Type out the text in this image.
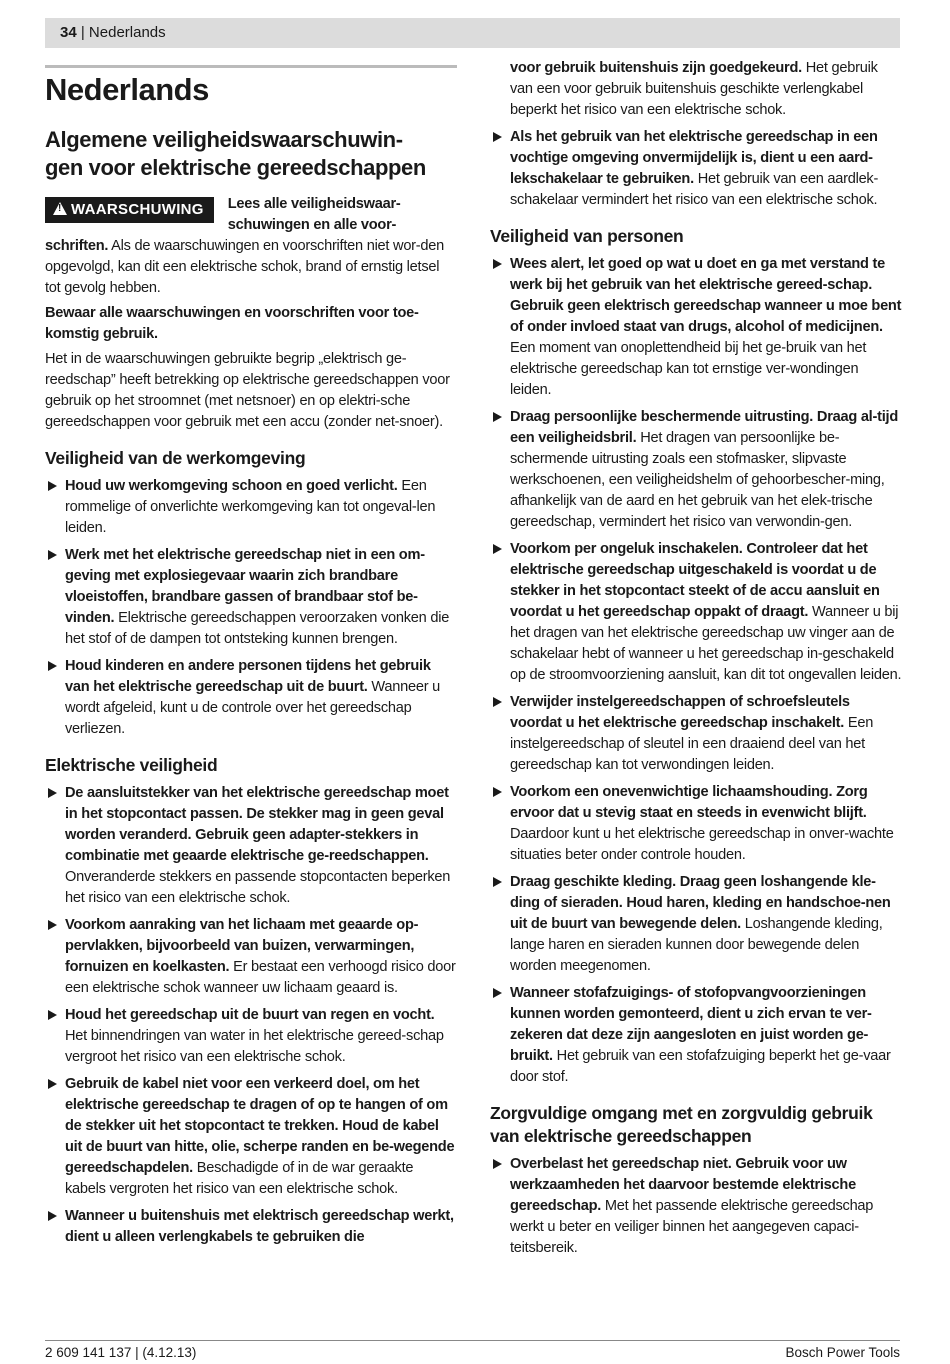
34 | Nederlands
Nederlands
Algemene veiligheidswaarschuwin-
gen voor elektrische gereedschappen

!WAARSCHUWING	Lees alle veiligheidswaar-schuwingen en alle voor-schriften. Als de waarschuwingen en voorschriften niet wor-den opgevolgd, kan dit een elektrische schok, brand of ernstig letsel tot gevolg hebben.

Bewaar alle waarschuwingen en voorschriften voor toe-komstig gebruik.

Het in de waarschuwingen gebruikte begrip „elektrisch ge-reedschap” heeft betrekking op elektrische gereedschappen voor gebruik op het stroomnet (met netsnoer) en op elektri-sche gereedschappen voor gebruik met een accu (zonder net-snoer).

Veiligheid van de werkomgeving
Houd uw werkomgeving schoon en goed verlicht. Een rommelige of onverlichte werkomgeving kan tot ongeval-len leiden.
Werk met het elektrische gereedschap niet in een om-geving met explosiegevaar waarin zich brandbare vloeistoffen, brandbare gassen of brandbaar stof be-vinden. Elektrische gereedschappen veroorzaken vonken die het stof of de dampen tot ontsteking kunnen brengen.
Houd kinderen en andere personen tijdens het gebruik van het elektrische gereedschap uit de buurt. Wanneer u wordt afgeleid, kunt u de controle over het gereedschap verliezen.
Elektrische veiligheid
De aansluitstekker van het elektrische gereedschap moet in het stopcontact passen. De stekker mag in geen geval worden veranderd. Gebruik geen adapter-stekkers in combinatie met geaarde elektrische ge-reedschappen. Onveranderde stekkers en passende stopcontacten beperken het risico van een elektrische schok.
Voorkom aanraking van het lichaam met geaarde op-pervlakken, bijvoorbeeld van buizen, verwarmingen, fornuizen en koelkasten. Er bestaat een verhoogd risico door een elektrische schok wanneer uw lichaam geaard is.
Houd het gereedschap uit de buurt van regen en vocht. Het binnendringen van water in het elektrische gereed-schap vergroot het risico van een elektrische schok.
Gebruik de kabel niet voor een verkeerd doel, om het elektrische gereedschap te dragen of op te hangen of om de stekker uit het stopcontact te trekken. Houd de kabel uit de buurt van hitte, olie, scherpe randen en be-wegende gereedschapdelen. Beschadigde of in de war geraakte kabels vergroten het risico van een elektrische schok.
Wanneer u buitenshuis met elektrisch gereedschap werkt, dient u alleen verlengkabels te gebruiken die
voor gebruik buitenshuis zijn goedgekeurd. Het gebruik van een voor gebruik buitenshuis geschikte verlengkabel beperkt het risico van een elektrische schok.
Als het gebruik van het elektrische gereedschap in een vochtige omgeving onvermijdelijk is, dient u een aard-lekschakelaar te gebruiken. Het gebruik van een aardlek-schakelaar vermindert het risico van een elektrische schok.
Veiligheid van personen
Wees alert, let goed op wat u doet en ga met verstand te werk bij het gebruik van het elektrische gereed-schap. Gebruik geen elektrisch gereedschap wanneer u moe bent of onder invloed staat van drugs, alcohol of medicijnen. Een moment van onoplettendheid bij het ge-bruik van het elektrische gereedschap kan tot ernstige ver-wondingen leiden.
Draag persoonlijke beschermende uitrusting. Draag al-tijd een veiligheidsbril. Het dragen van persoonlijke be-schermende uitrusting zoals een stofmasker, slipvaste werkschoenen, een veiligheidshelm of gehoorbescher-ming, afhankelijk van de aard en het gebruik van het elek-trische gereedschap, vermindert het risico van verwondin-gen.
Voorkom per ongeluk inschakelen. Controleer dat het elektrische gereedschap uitgeschakeld is voordat u de stekker in het stopcontact steekt of de accu aansluit en voordat u het gereedschap oppakt of draagt. Wanneer u bij het dragen van het elektrische gereedschap uw vinger aan de schakelaar hebt of wanneer u het gereedschap in-geschakeld op de stroomvoorziening aansluit, kan dit tot ongevallen leiden.
Verwijder instelgereedschappen of schroefsleutels voordat u het elektrische gereedschap inschakelt. Een instelgereedschap of sleutel in een draaiend deel van het gereedschap kan tot verwondingen leiden.
Voorkom een onevenwichtige lichaamshouding. Zorg ervoor dat u stevig staat en steeds in evenwicht blijft. Daardoor kunt u het elektrische gereedschap in onver-wachte situaties beter onder controle houden.
Draag geschikte kleding. Draag geen loshangende kle-ding of sieraden. Houd haren, kleding en handschoe-nen uit de buurt van bewegende delen. Loshangende kleding, lange haren en sieraden kunnen door bewegende delen worden meegenomen.
Wanneer stofafzuigings- of stofopvangvoorzieningen kunnen worden gemonteerd, dient u zich ervan te ver-zekeren dat deze zijn aangesloten en juist worden ge-bruikt. Het gebruik van een stofafzuiging beperkt het ge-vaar door stof.
Zorgvuldige omgang met en zorgvuldig gebruik van elektrische gereedschappen
Overbelast het gereedschap niet. Gebruik voor uw werkzaamheden het daarvoor bestemde elektrische gereedschap. Met het passende elektrische gereedschap werkt u beter en veiliger binnen het aangegeven capaci-teitsbereik.
2 609 141 137 | (4.12.13)	Bosch Power Tools
